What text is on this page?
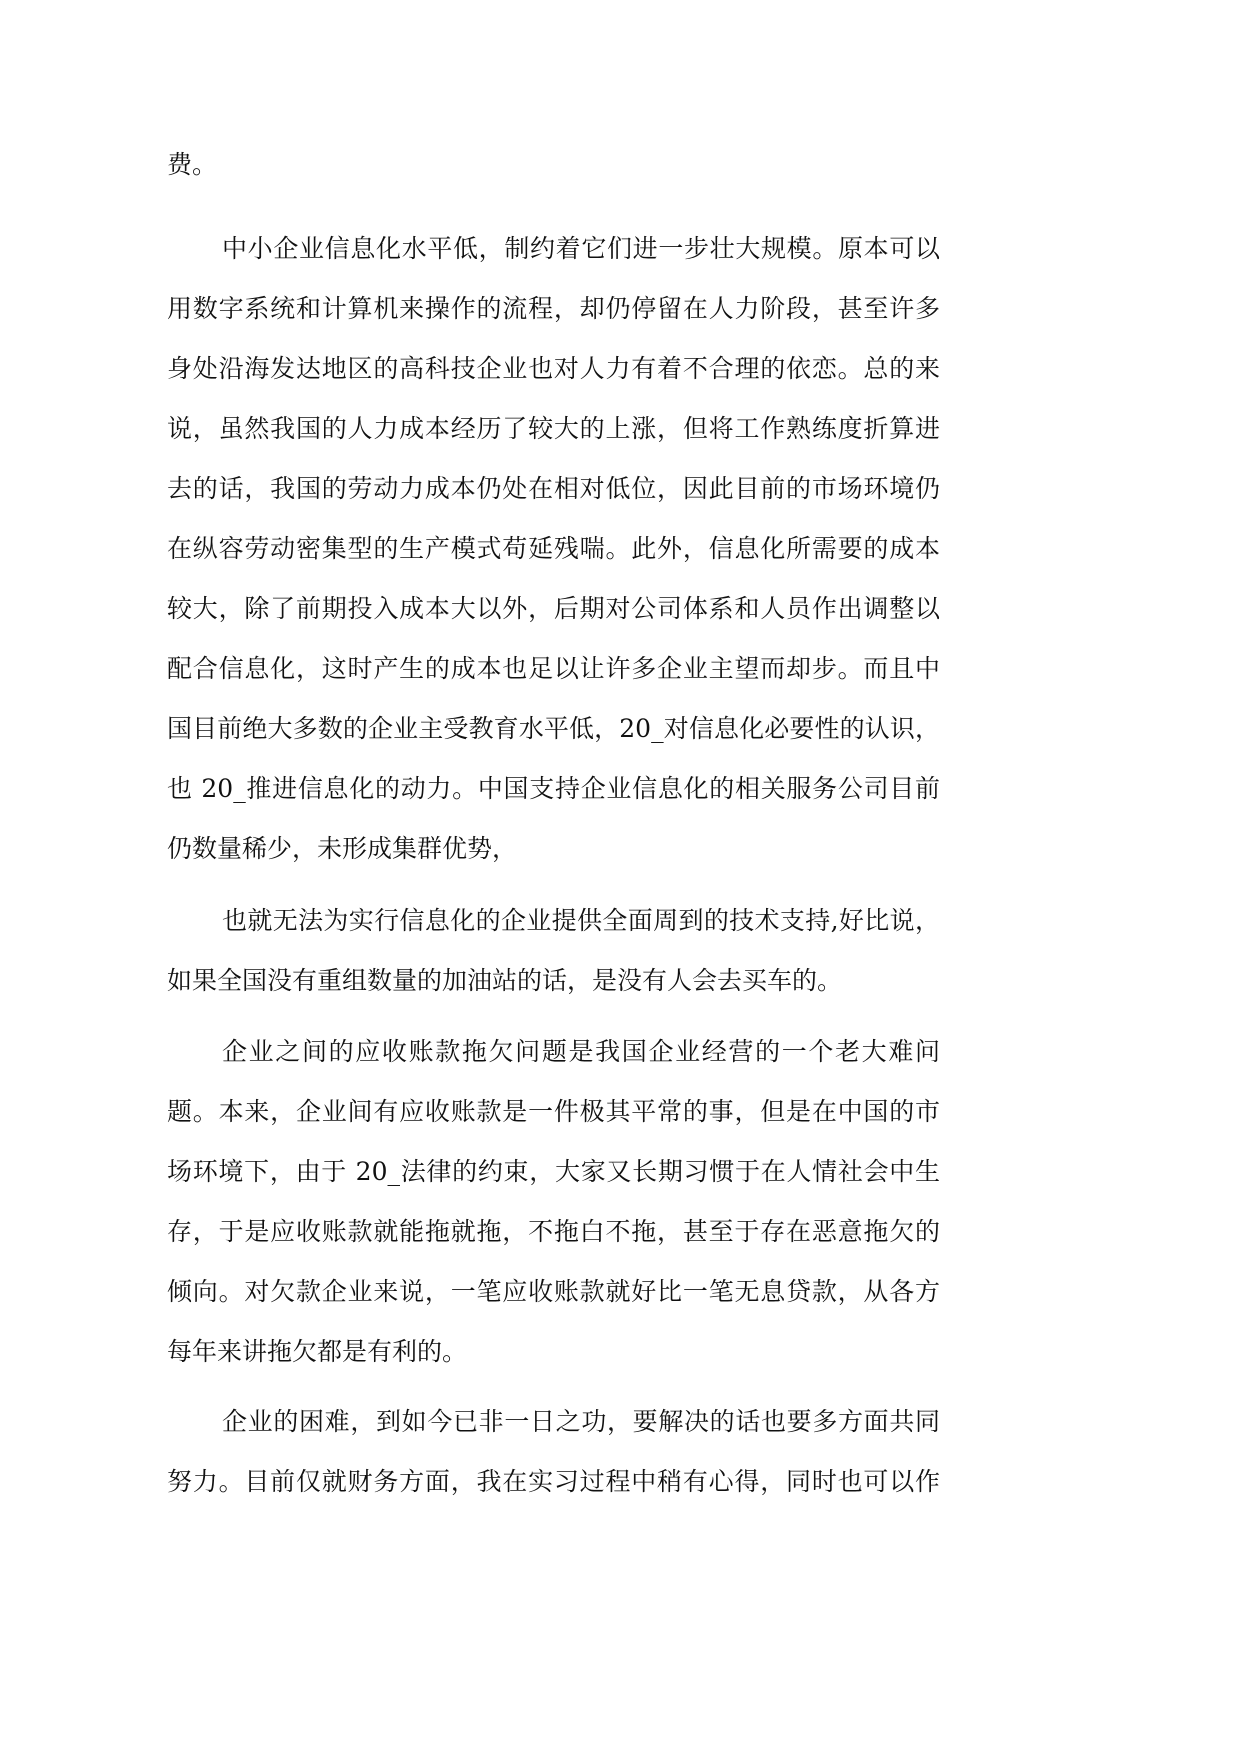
费。
中小企业信息化水平低，制约着它们进一步壮大规模。原本可以
用数字系统和计算机来操作的流程，却仍停留在人力阶段，甚至许多
身处沿海发达地区的高科技企业也对人力有着不合理的依恋。总的来
说，虽然我国的人力成本经历了较大的上涨，但将工作熟练度折算进
去的话，我国的劳动力成本仍处在相对低位，因此目前的市场环境仍
在纵容劳动密集型的生产模式苟延残喘。此外，信息化所需要的成本
较大，除了前期投入成本大以外，后期对公司体系和人员作出调整以
配合信息化，这时产生的成本也足以让许多企业主望而却步。而且中
国目前绝大多数的企业主受教育水平低，20_对信息化必要性的认识，
也 20_推进信息化的动力。中国支持企业信息化的相关服务公司目前
仍数量稀少，未形成集群优势，
也就无法为实行信息化的企业提供全面周到的技术支持,好比说，
如果全国没有重组数量的加油站的话，是没有人会去买车的。
企业之间的应收账款拖欠问题是我国企业经营的一个老大难问
题。本来，企业间有应收账款是一件极其平常的事，但是在中国的市
场环境下，由于 20_法律的约束，大家又长期习惯于在人情社会中生
存，于是应收账款就能拖就拖，不拖白不拖，甚至于存在恶意拖欠的
倾向。对欠款企业来说，一笔应收账款就好比一笔无息贷款，从各方
每年来讲拖欠都是有利的。
企业的困难，到如今已非一日之功，要解决的话也要多方面共同
努力。目前仅就财务方面，我在实习过程中稍有心得，同时也可以作
